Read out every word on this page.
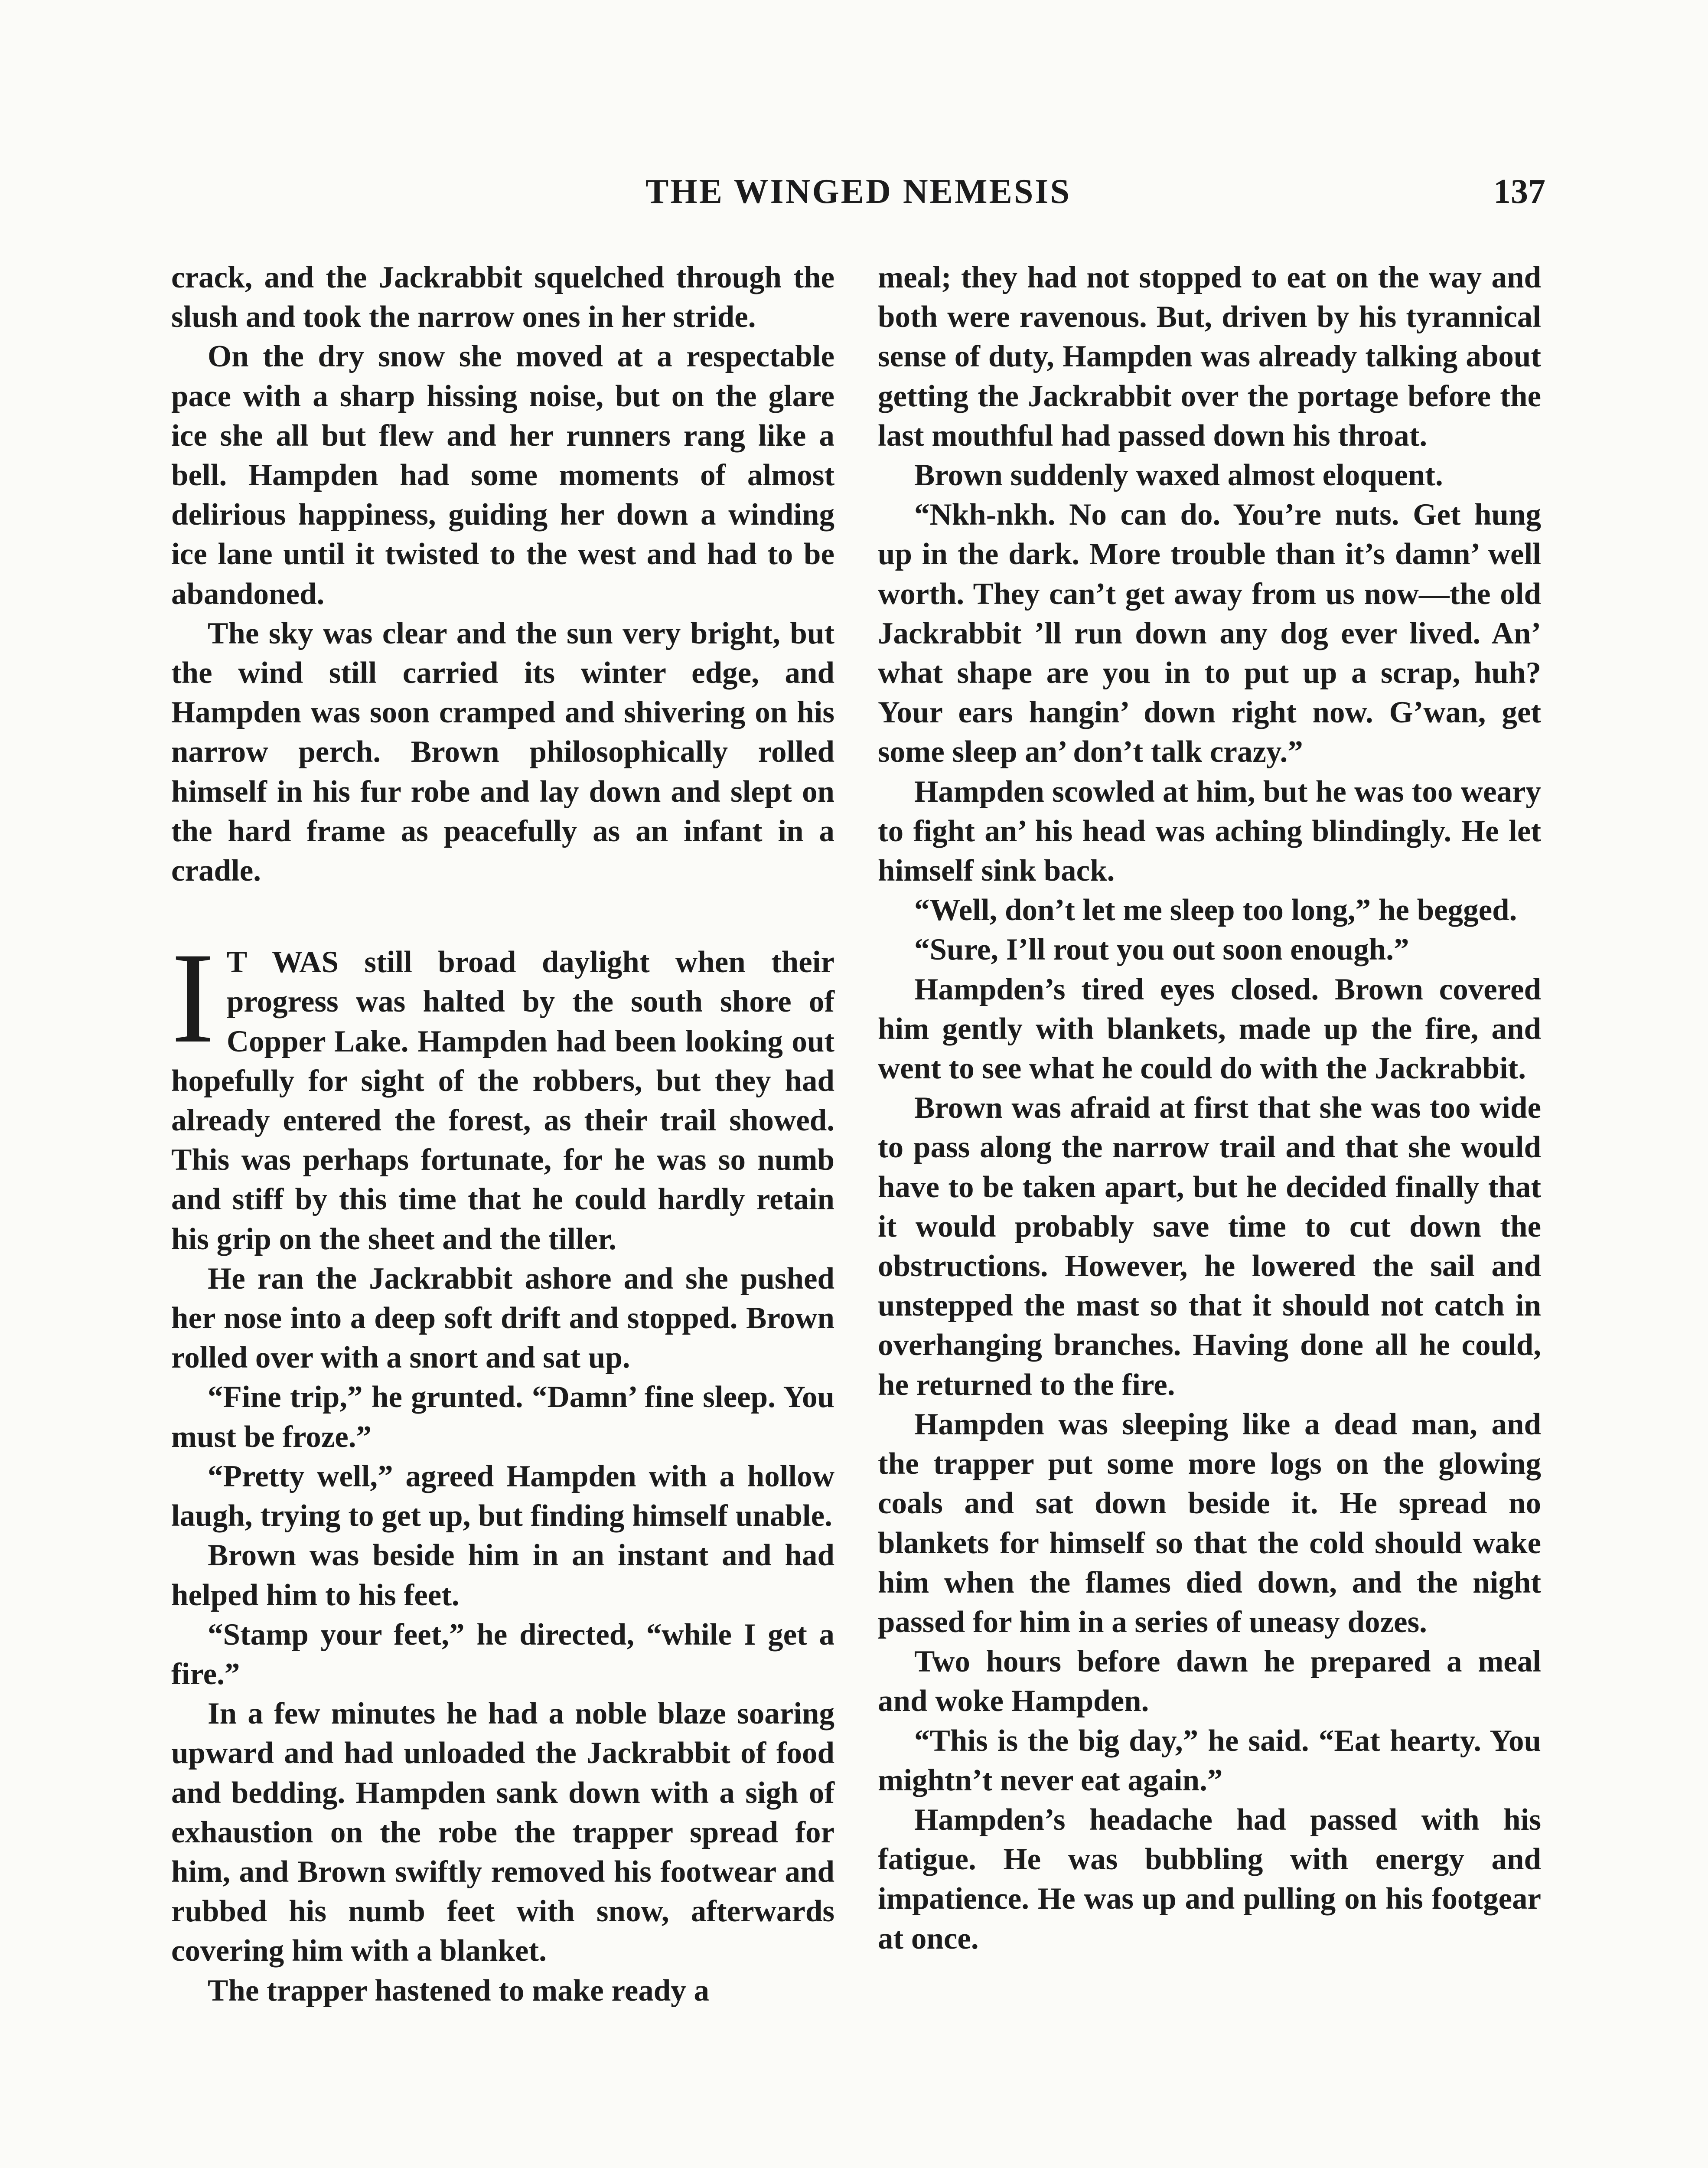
THE WINGED NEMESIS	137

crack, and the Jackrabbit squelched through the slush and took the narrow ones in her stride.

On the dry snow she moved at a respectable pace with a sharp hissing noise, but on the glare ice she all but flew and her runners rang like a bell. Hampden had some moments of almost delirious happiness, guiding her down a winding ice lane until it twisted to the west and had to be abandoned.

The sky was clear and the sun very bright, but the wind still carried its winter edge, and Hampden was soon cramped and shivering on his narrow perch. Brown philosophically rolled himself in his fur robe and lay down and slept on the hard frame as peacefully as an infant in a cradle.

I T WAS still broad daylight when their progress was halted by the south shore of Copper Lake. Hampden had been looking out hopefully for sight of the robbers, but they had already entered the forest, as their trail showed. This was perhaps fortunate, for he was so numb and stiff by this time that he could hardly retain his grip on the sheet and the tiller.

He ran the Jackrabbit ashore and she pushed her nose into a deep soft drift and stopped. Brown rolled over with a snort and sat up.

“Fine trip,” he grunted. “Damn’ fine sleep. You must be froze.”

“Pretty well,” agreed Hampden with a hollow laugh, trying to get up, but finding himself unable.

Brown was beside him in an instant and had helped him to his feet.

“Stamp your feet,” he directed, “while I get a fire.”

In a few minutes he had a noble blaze soaring upward and had unloaded the Jackrabbit of food and bedding. Hampden sank down with a sigh of exhaustion on the robe the trapper spread for him, and Brown swiftly removed his footwear and rubbed his numb feet with snow, afterwards covering him with a blanket.

The trapper hastened to make ready a

meal; they had not stopped to eat on the way and both were ravenous. But, driven by his tyrannical sense of duty, Hampden was already talking about getting the Jackrabbit over the portage before the last mouthful had passed down his throat.

Brown suddenly waxed almost eloquent.

“Nkh-nkh. No can do. You’re nuts. Get hung up in the dark. More trouble than it’s damn’ well worth. They can’t get away from us now—the old Jackrabbit ’ll run down any dog ever lived. An’ what shape are you in to put up a scrap, huh? Your ears hangin’ down right now. G’wan, get some sleep an’ don’t talk crazy.”

Hampden scowled at him, but he was too weary to fight an’ his head was aching blindingly. He let himself sink back.

“Well, don’t let me sleep too long,” he begged.

“Sure, I’ll rout you out soon enough.”

Hampden’s tired eyes closed. Brown covered him gently with blankets, made up the fire, and went to see what he could do with the Jackrabbit.

Brown was afraid at first that she was too wide to pass along the narrow trail and that she would have to be taken apart, but he decided finally that it would probably save time to cut down the obstructions. However, he lowered the sail and unstepped the mast so that it should not catch in overhanging branches. Having done all he could, he returned to the fire.

Hampden was sleeping like a dead man, and the trapper put some more logs on the glowing coals and sat down beside it. He spread no blankets for himself so that the cold should wake him when the flames died down, and the night passed for him in a series of uneasy dozes.

Two hours before dawn he prepared a meal and woke Hampden.

“This is the big day,” he said. “Eat hearty. You mightn’t never eat again.”

Hampden’s headache had passed with his fatigue. He was bubbling with energy and impatience. He was up and pulling on his footgear at once.
